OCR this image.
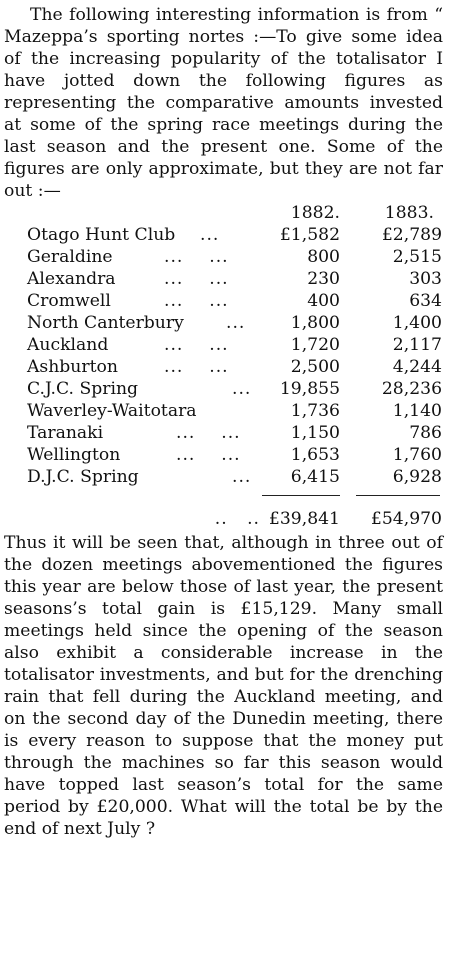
The following interesting information is from “ Mazeppa’s sporting nortes :—To give some idea of the increasing popularity of the totalisator I have jotted down the following figures as representing the comparative amounts invested at some of the spring race meetings during the last season and the present one. Some of the figures are only approximate, but they are not far out :—

1882.	1883.
Otago Hunt Club ...	£1,582	£2,789
Geraldine	...    ...	800	2,515
Alexandra	...    ...	230	303
Cromwell	...    ...	400	634
North Canterbury ...	1,800	1,400
Auckland	...    ...	1,720	2,117
Ashburton	...    ...	2,500	4,244
C.J.C. Spring	...	19,855	28,236
Waverley-Waitotara	1,736	1,140
Taranaki	...    ...	1,150	786
Wellington	...    ...	1,653	1,760
D.J.C. Spring	...	6,415	6,928
..   .. £39,841	£54,970

Thus it will be seen that, although in three out of the dozen meetings abovementioned the figures this year are below those of last year, the present seasons’s total gain is £15,129. Many small meetings held since the opening of the season also exhibit a considerable increase in the totalisator investments, and but for the drenching rain that fell during the Auckland meeting, and on the second day of the Dunedin meeting, there is every reason to suppose that the money put through the machines so far this season would have topped last season’s total for the same period by £20,000. What will the total be by the end of next July ?
